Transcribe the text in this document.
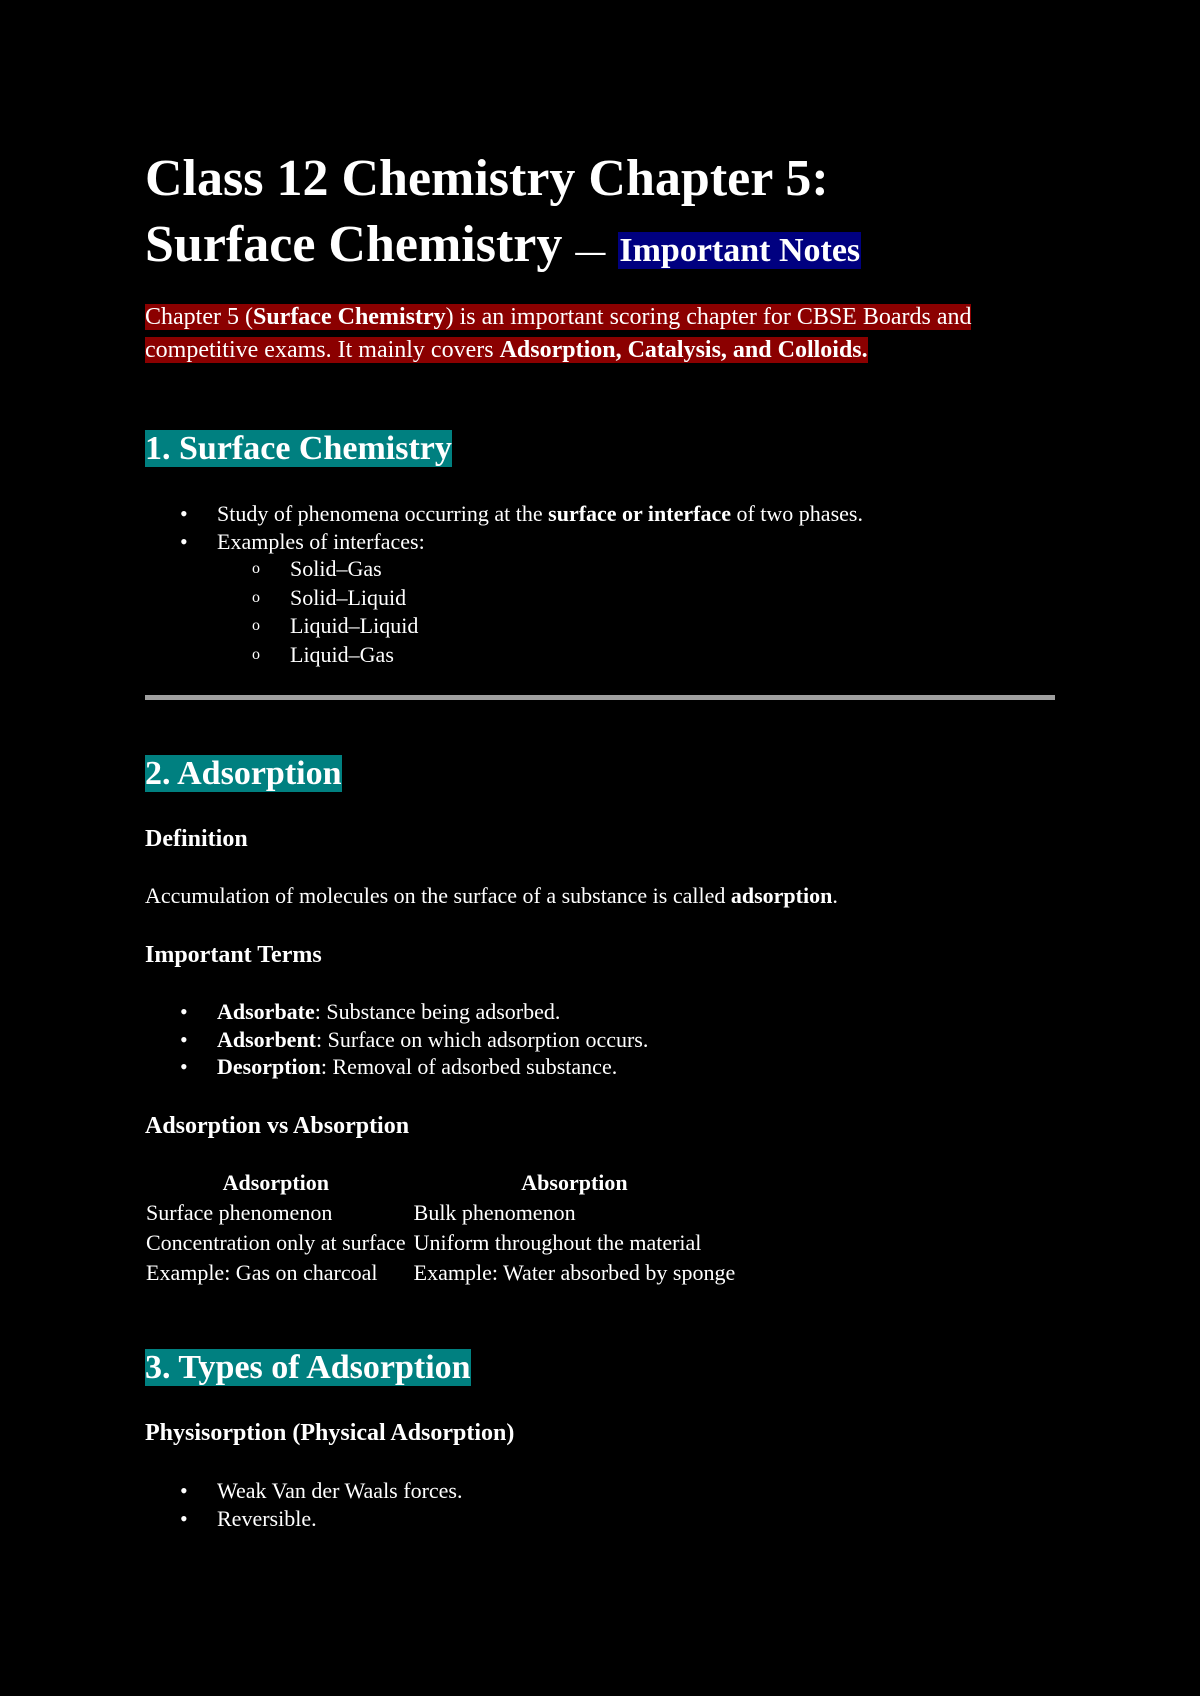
Class 12 Chemistry Chapter 5:
Surface Chemistry — Important Notes

Chapter 5 (Surface Chemistry) is an important scoring chapter for CBSE Boards and competitive exams. It mainly covers Adsorption, Catalysis, and Colloids.

1. Surface Chemistry
• Study of phenomena occurring at the surface or interface of two phases.
• Examples of interfaces:
o Solid–Gas
o Solid–Liquid
o Liquid–Liquid
o Liquid–Gas
2. Adsorption
Definition

Accumulation of molecules on the surface of a substance is called adsorption.

Important Terms
• Adsorbate: Substance being adsorbed.
• Adsorbent: Surface on which adsorption occurs.
• Desorption: Removal of adsorbed substance.
Adsorption vs Absorption
Adsorption	Absorption
Surface phenomenon	Bulk phenomenon
Concentration only at surface	Uniform throughout the material
Example: Gas on charcoal	Example: Water absorbed by sponge
3. Types of Adsorption
Physisorption (Physical Adsorption)
• Weak Van der Waals forces.
• Reversible.
